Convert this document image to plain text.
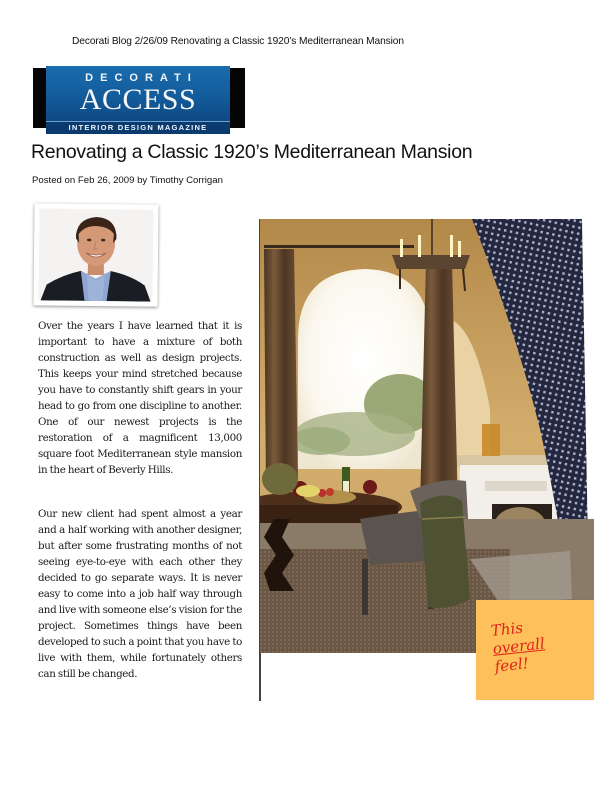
Decorati Blog 2/26/09 Renovating a Classic 1920’s Mediterranean Mansion
DECORATI
ACCESS
INTERIOR DESIGN MAGAZINE
Renovating a Classic 1920’s Mediterranean Mansion
Posted on Feb 26, 2009 by Timothy Corrigan

Over the years I have learned that it is important to have a mixture of both construction as well as design projects. This keeps your mind stretched because you have to constantly shift gears in your head to go from one discipline to another. One of our newest projects is the restoration of a magnificent 13,000 square foot Mediterranean style mansion in the heart of Beverly Hills.

Our new client had spent almost a year and a half working with another designer, but after some frustrating months of not seeing eye-to-eye with each other they decided to go separate ways. It is never easy to come into a job half way through and live with someone else’s vision for the project. Sometimes things have been developed to such a point that you have to live with them, while fortunately others can still be changed.

This
overall
feel!
